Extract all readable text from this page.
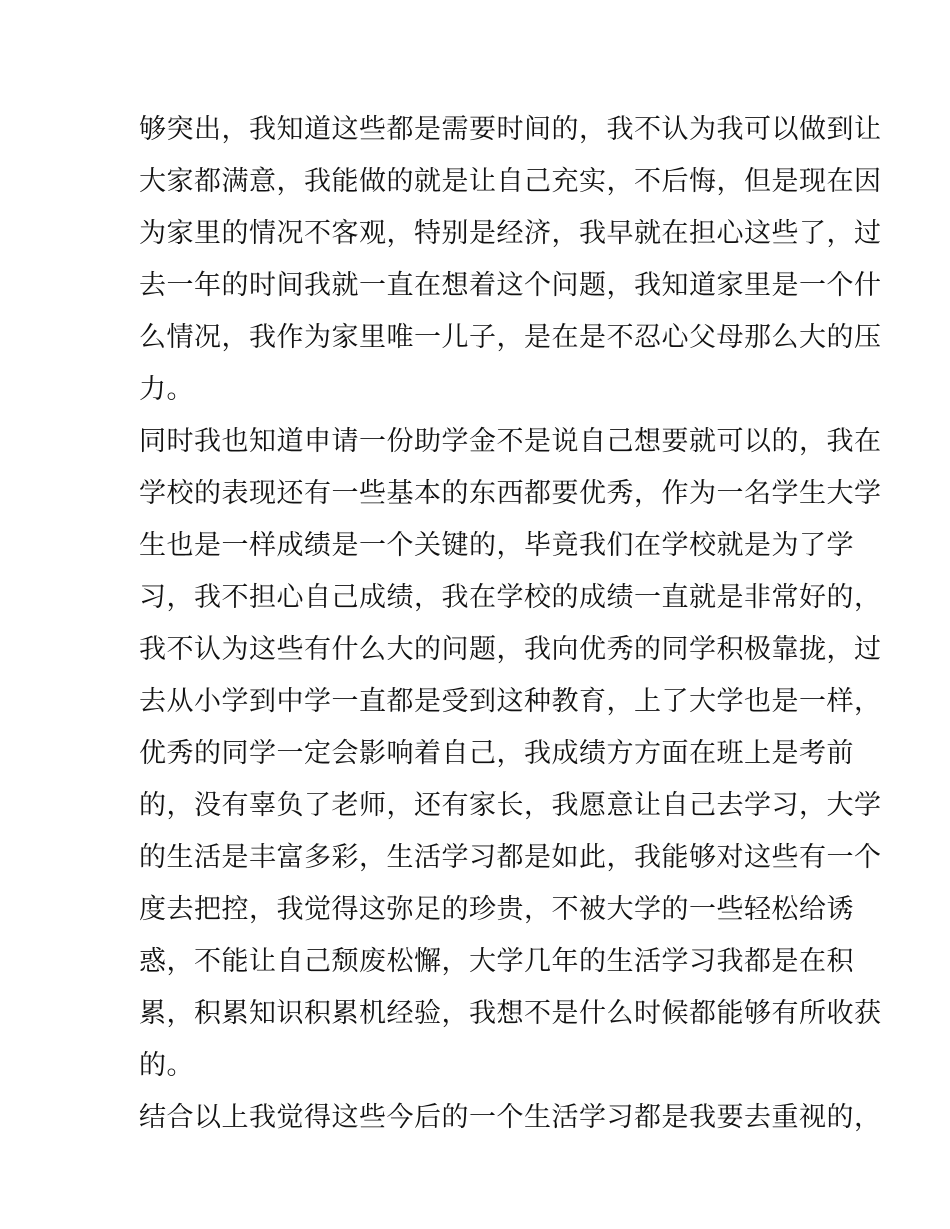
够突出，我知道这些都是需要时间的，我不认为我可以做到让
大家都满意，我能做的就是让自己充实，不后悔，但是现在因
为家里的情况不客观，特别是经济，我早就在担心这些了，过
去一年的时间我就一直在想着这个问题，我知道家里是一个什
么情况，我作为家里唯一儿子，是在是不忍心父母那么大的压
力。
同时我也知道申请一份助学金不是说自己想要就可以的，我在
学校的表现还有一些基本的东西都要优秀，作为一名学生大学
生也是一样成绩是一个关键的，毕竟我们在学校就是为了学
习，我不担心自己成绩，我在学校的成绩一直就是非常好的，
我不认为这些有什么大的问题，我向优秀的同学积极靠拢，过
去从小学到中学一直都是受到这种教育，上了大学也是一样，
优秀的同学一定会影响着自己，我成绩方方面在班上是考前
的，没有辜负了老师，还有家长，我愿意让自己去学习，大学
的生活是丰富多彩，生活学习都是如此，我能够对这些有一个
度去把控，我觉得这弥足的珍贵，不被大学的一些轻松给诱
惑，不能让自己颓废松懈，大学几年的生活学习我都是在积
累，积累知识积累机经验，我想不是什么时候都能够有所收获
的。
结合以上我觉得这些今后的一个生活学习都是我要去重视的，
